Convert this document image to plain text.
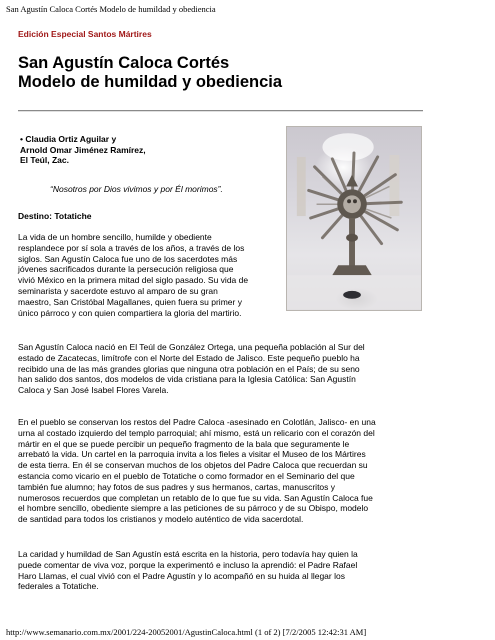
San Agustín Caloca Cortés Modelo de humildad y obediencia
Edición Especial Santos Mártires
San Agustín Caloca Cortés
Modelo de humildad y obediencia
• Claudia Ortiz Aguilar y
Arnold Omar Jiménez Ramírez,
El Teúl, Zac.
“Nosotros por Dios vivimos y por Él morimos”.
Destino: Totatiche
La vida de un hombre sencillo, humilde y obediente
resplandece por sí sola a través de los años, a través de los
siglos. San Agustín Caloca fue uno de los sacerdotes más
jóvenes sacrificados durante la persecución religiosa que
vivió México en la primera mitad del siglo pasado. Su vida de
seminarista y sacerdote estuvo al amparo de su gran
maestro, San Cristóbal Magallanes, quien fuera su primer y
único párroco y con quien compartiera la gloria del martirio.
San Agustín Caloca nació en El Teúl de González Ortega, una pequeña población al Sur del
estado de Zacatecas, limítrofe con el Norte del Estado de Jalisco. Este pequeño pueblo ha
recibido una de las más grandes glorias que ninguna otra población en el País; de su seno
han salido dos santos, dos modelos de vida cristiana para la Iglesia Católica: San Agustín
Caloca y San José Isabel Flores Varela.
En el pueblo se conservan los restos del Padre Caloca -asesinado en Colotlán, Jalisco- en una
urna al costado izquierdo del templo parroquial; ahí mismo, está un relicario con el corazón del
mártir en el que se puede percibir un pequeño fragmento de la bala que seguramente le
arrebató la vida. Un cartel en la parroquia invita a los fieles a visitar el Museo de los Mártires
de esta tierra. En él se conservan muchos de los objetos del Padre Caloca que recuerdan su
estancia como vicario en el pueblo de Totatiche o como formador en el Seminario del que
también fue alumno; hay fotos de sus padres y sus hermanos, cartas, manuscritos y
numerosos recuerdos que completan un retablo de lo que fue su vida. San Agustín Caloca fue
el hombre sencillo, obediente siempre a las peticiones de su párroco y de su Obispo, modelo
de santidad para todos los cristianos y modelo auténtico de vida sacerdotal.
La caridad y humildad de San Agustín está escrita en la historia, pero todavía hay quien la
puede comentar de viva voz, porque la experimentó e incluso la aprendió: el Padre Rafael
Haro Llamas, el cual vivió con el Padre Agustín y lo acompañó en su huida al llegar los
federales a Totatiche.
http://www.semanario.com.mx/2001/224-20052001/AgustinCaloca.html (1 of 2) [7/2/2005 12:42:31 AM]
